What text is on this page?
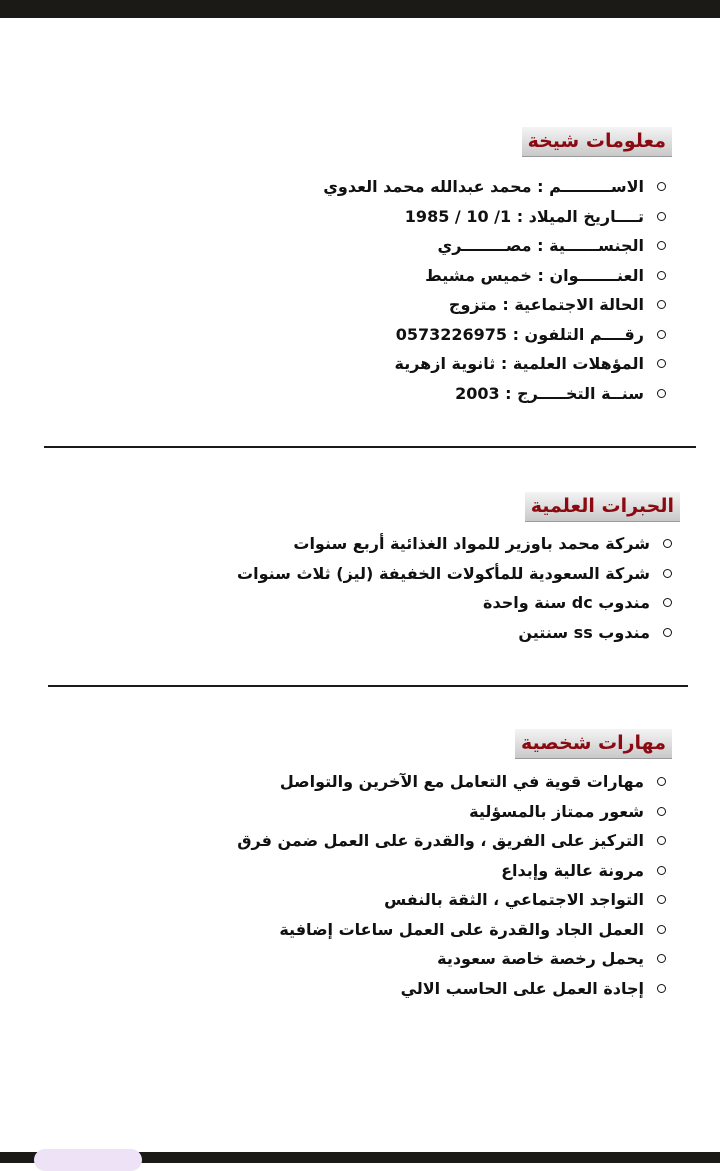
معلومات شيخة
الاســـــــــم : محمد عبدالله محمد العدوي
تــــاريخ الميلاد : 1/ 10 / 1985
الجنســــــية : مصــــــــري
العنـــــــوان : خميس مشيط
الحالة الاجتماعية : متزوج
رقــــم التلفون : 0573226975
المؤهلات العلمية : ثانوية ازهرية
سنــة التخـــــرج : 2003
الحبرات العلمية
شركة محمد باوزير للمواد الغذائية أربع سنوات
شركة السعودية للمأكولات الخفيفة (ليز) ثلاث سنوات
مندوب dc سنة واحدة
مندوب ss سنتين
مهارات شخصية
مهارات قوية في التعامل مع الآخرين والتواصل
شعور ممتاز بالمسؤلية
التركيز على الفريق ، والقدرة على العمل ضمن فرق
مرونة عالية وإبداع
التواجد الاجتماعي ، الثقة بالنفس
العمل الجاد والقدرة على العمل ساعات إضافية
يحمل رخصة خاصة سعودية
إجادة العمل على الحاسب الالي
